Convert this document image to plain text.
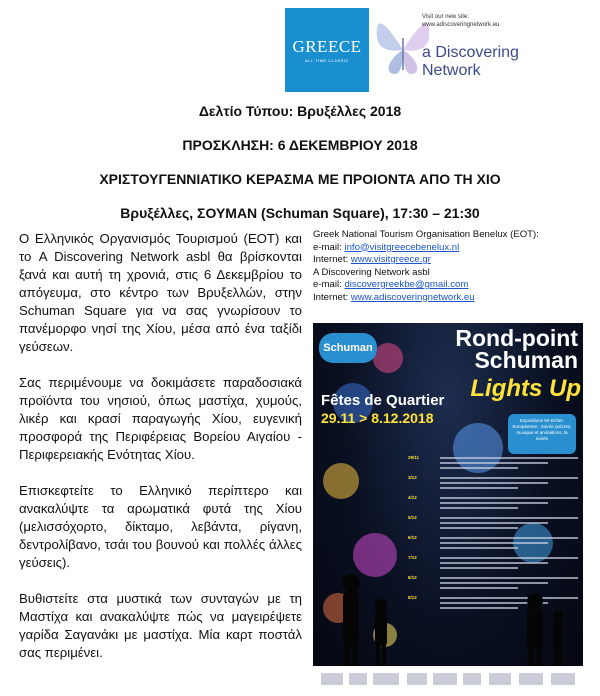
GREECE
ALL TIME CLASSIC
Visit our new site:
www.adiscoveringnetwork.eu
a Discovering
Network
Δελτίο Τύπου: Βρυξέλλες 2018
ΠΡΟΣΚΛΗΣΗ: 6 ΔΕΚΕΜΒΡΙΟΥ 2018
ΧΡΙΣΤΟΥΓΕΝΝΙΑΤΙΚΟ ΚΕΡΑΣΜΑ ΜΕ ΠΡΟΙΟΝΤΑ ΑΠΟ ΤΗ ΧΙΟ
Βρυξέλλες, ΣΟΥΜΑΝ (Schuman Square), 17:30 – 21:30

Ο Ελληνικός Οργανισμός Τουρισμού (ΕΟΤ) και το A Discovering Network asbl θα βρίσκονται ξανά και αυτή τη χρονιά, στις 6 Δεκεμβρίου το απόγευμα, στο κέντρο των Βρυξελλών, στην Schuman Square για να σας γνωρίσουν το πανέμορφο νησί της Χίου, μέσα από ένα ταξίδι γεύσεων.

Σας περιμένουμε να δοκιμάσετε παραδοσιακά προϊόντα του νησιού, όπως μαστίχα, χυμούς, λικέρ και κρασί παραγωγής Χίου, ευγενική προσφορά της Περιφέρειας Βορείου Αιγαίου - Περιφερειακής Ενότητας Χίου.

Επισκεφτείτε το Ελληνικό περίπτερο και ανακαλύψτε τα αρωματικά φυτά της Χίου (μελισσόχορτο, δίκταμο, λεβάντα, ρίγανη, δεντρολίβανο, τσάι του βουνού και πολλές άλλες γεύσεις).

Βυθιστείτε στα μυστικά των συνταγών με τη Μαστίχα και ανακαλύψτε πώς να μαγειρέψετε γαρίδα Σαγανάκι με μαστίχα. Μία καρτ ποστάλ σας περιμένει.

Greek National Tourism Organisation Benelux (EOT):
e-mail: info@visitgreecebenelux.nl
Internet: www.visitgreece.gr
A Discovering Network asbl
e-mail: discovergreekbe@gmail.com
Internet: www.adiscoveringnetwork.eu
Schuman	Rond-point
Schuman
Lights Up
Fêtes de Quartier
29.11 > 8.12.2018	Expositions 60 €/cher. Européenne : Soirée quizzes, musique et animations, la soirée
29/11
3/12
4/12
5/12
6/12
7/12
8/12
8/12
